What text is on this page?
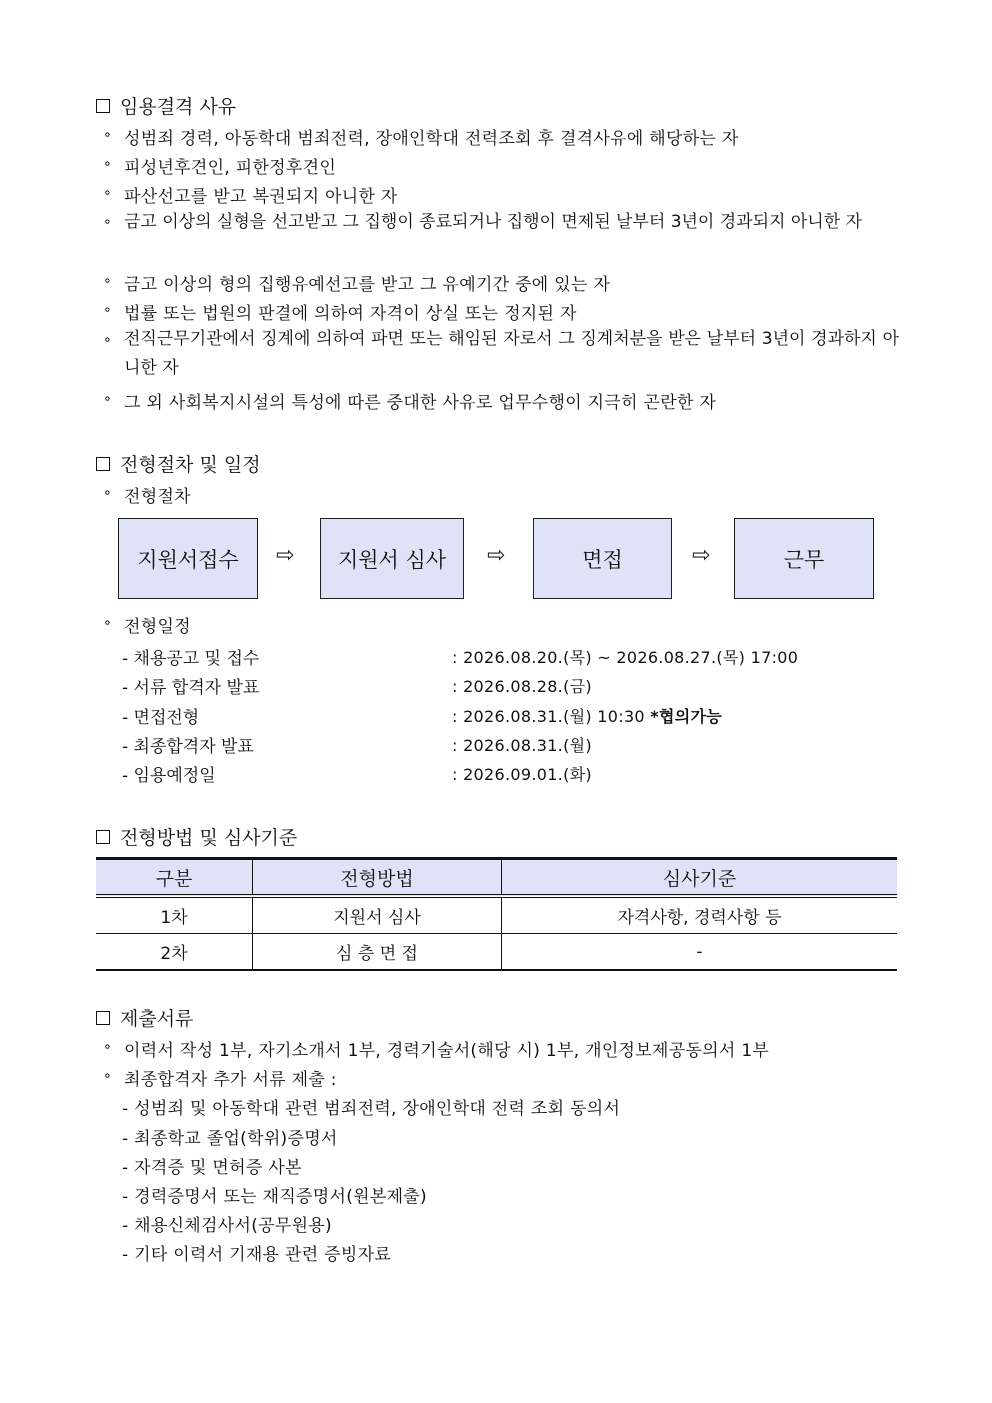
임용결격 사유
∘ 성범죄 경력, 아동학대 범죄전력, 장애인학대 전력조회 후 결격사유에 해당하는 자
∘ 피성년후견인, 피한정후견인
∘ 파산선고를 받고 복권되지 아니한 자
∘ 금고 이상의 실형을 선고받고 그 집행이 종료되거나 집행이 면제된 날부터 3년이 경과되지 아니한 자
∘ 금고 이상의 형의 집행유예선고를 받고 그 유예기간 중에 있는 자
∘ 법률 또는 법원의 판결에 의하여 자격이 상실 또는 정지된 자
∘ 전직근무기관에서 징계에 의하여 파면 또는 해임된 자로서 그 징계처분을 받은 날부터 3년이 경과하지 아니한 자
∘ 그 외 사회복지시설의 특성에 따른 중대한 사유로 업무수행이 지극히 곤란한 자
전형절차 및 일정
∘ 전형절차
지원서접수	⇨	지원서 심사	⇨	면접	⇨	근무
∘ 전형일정
- 채용공고 및 접수	: 2026.08.20.(목) ~ 2026.08.27.(목) 17:00
- 서류 합격자 발표	: 2026.08.28.(금)
- 면접전형	: 2026.08.31.(월) 10:30 *협의가능
- 최종합격자 발표	: 2026.08.31.(월)
- 임용예정일	: 2026.09.01.(화)
전형방법 및 심사기준
구분	전형방법	심사기준
1차	지원서 심사	자격사항, 경력사항 등
2차	심 층 면 접	-
제출서류
∘ 이력서 작성 1부, 자기소개서 1부, 경력기술서(해당 시) 1부, 개인정보제공동의서 1부
∘ 최종합격자 추가 서류 제출 :
- 성범죄 및 아동학대 관련 범죄전력, 장애인학대 전력 조회 동의서
- 최종학교 졸업(학위)증명서
- 자격증 및 면허증 사본
- 경력증명서 또는 재직증명서(원본제출)
- 채용신체검사서(공무원용)
- 기타 이력서 기재용 관련 증빙자료
